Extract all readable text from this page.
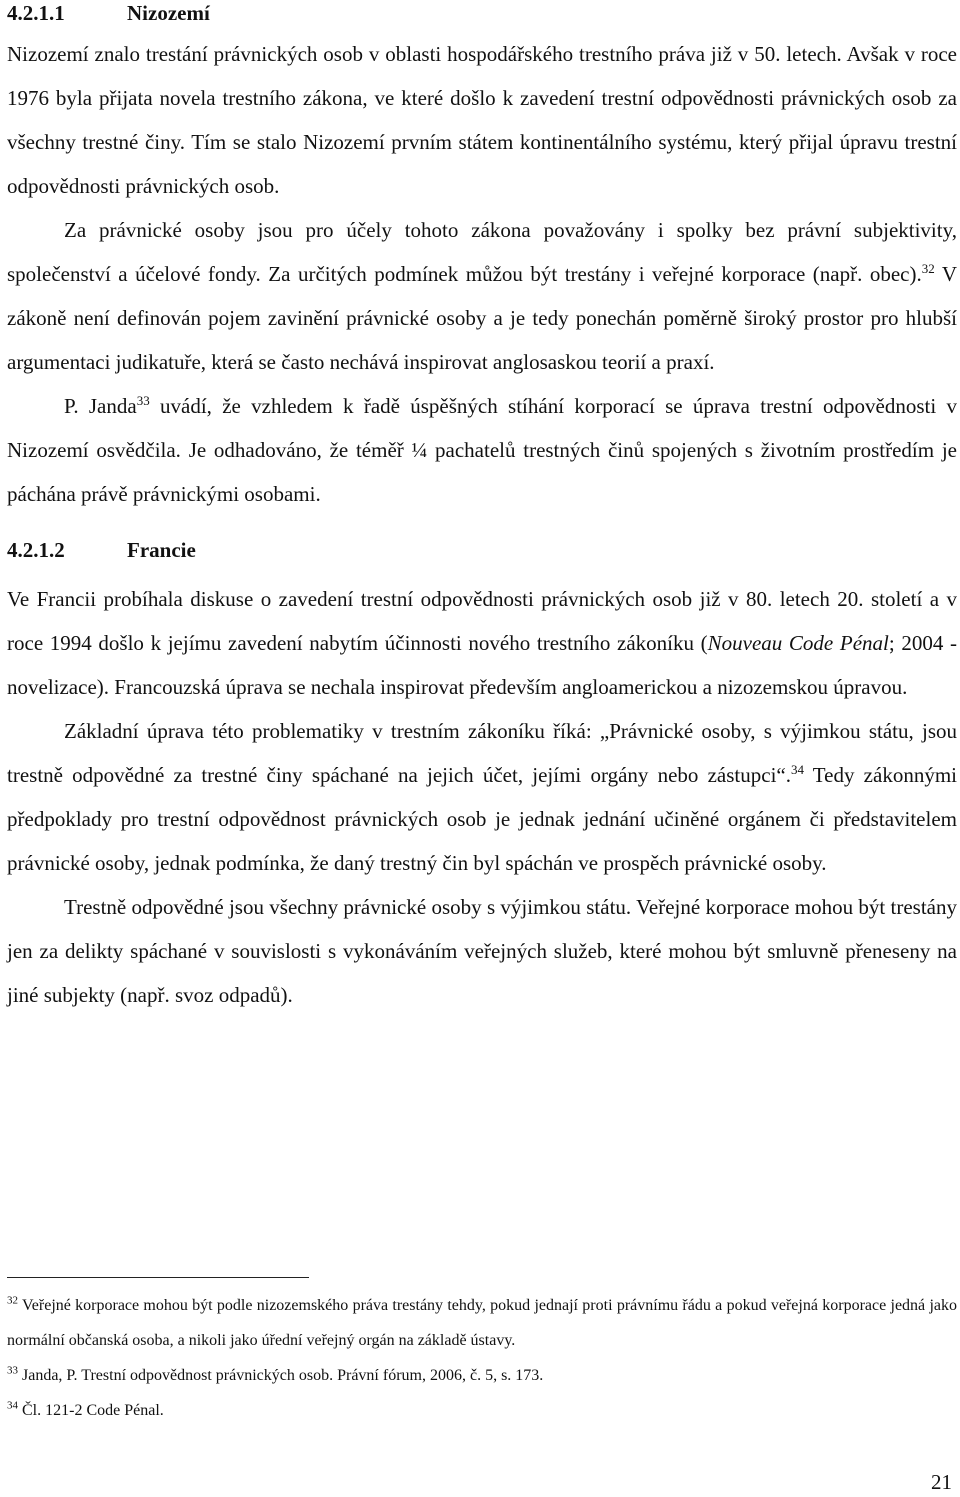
4.2.1.1	Nizozemí

Nizozemí znalo trestání právnických osob v oblasti hospodářského trestního práva již v 50. letech. Avšak v roce 1976 byla přijata novela trestního zákona, ve které došlo k zavedení trestní odpovědnosti právnických osob za všechny trestné činy. Tím se stalo Nizozemí prvním státem kontinentálního systému, který přijal úpravu trestní odpovědnosti právnických osob.

Za právnické osoby jsou pro účely tohoto zákona považovány i spolky bez právní subjektivity, společenství a účelové fondy. Za určitých podmínek můžou být trestány i veřejné korporace (např. obec).$^{32}$ V zákoně není definován pojem zavinění právnické osoby a je tedy ponechán poměrně široký prostor pro hlubší argumentaci judikatuře, která se často nechává inspirovat anglosaskou teorií a praxí.

P. Janda$^{33}$ uvádí, že vzhledem k řadě úspěšných stíhání korporací se úprava trestní odpovědnosti v Nizozemí osvědčila. Je odhadováno, že téměř ¼ pachatelů trestných činů spojených s životním prostředím je páchána právě právnickými osobami.

4.2.1.2	Francie

Ve Francii probíhala diskuse o zavedení trestní odpovědnosti právnických osob již v 80. letech 20. století a v roce 1994 došlo k jejímu zavedení nabytím účinnosti nového trestního zákoníku (Nouveau Code Pénal; 2004 - novelizace). Francouzská úprava se nechala inspirovat především angloamerickou a nizozemskou úpravou.

Základní úprava této problematiky v trestním zákoníku říká: „Právnické osoby, s výjimkou státu, jsou trestně odpovědné za trestné činy spáchané na jejich účet, jejími orgány nebo zástupci“.$^{34}$ Tedy zákonnými předpoklady pro trestní odpovědnost právnických osob je jednak jednání učiněné orgánem či představitelem právnické osoby, jednak podmínka, že daný trestný čin byl spáchán ve prospěch právnické osoby.

Trestně odpovědné jsou všechny právnické osoby s výjimkou státu. Veřejné korporace mohou být trestány jen za delikty spáchané v souvislosti s vykonáváním veřejných služeb, které mohou být smluvně přeneseny na jiné subjekty (např. svoz odpadů).

$^{32}$ Veřejné korporace mohou být podle nizozemského práva trestány tehdy, pokud jednají proti právnímu řádu a pokud veřejná korporace jedná jako normální občanská osoba, a nikoli jako úřední veřejný orgán na základě ústavy.

$^{33}$ Janda, P. Trestní odpovědnost právnických osob. Právní fórum, 2006, č. 5, s. 173.

$^{34}$ Čl. 121-2 Code Pénal.

21
